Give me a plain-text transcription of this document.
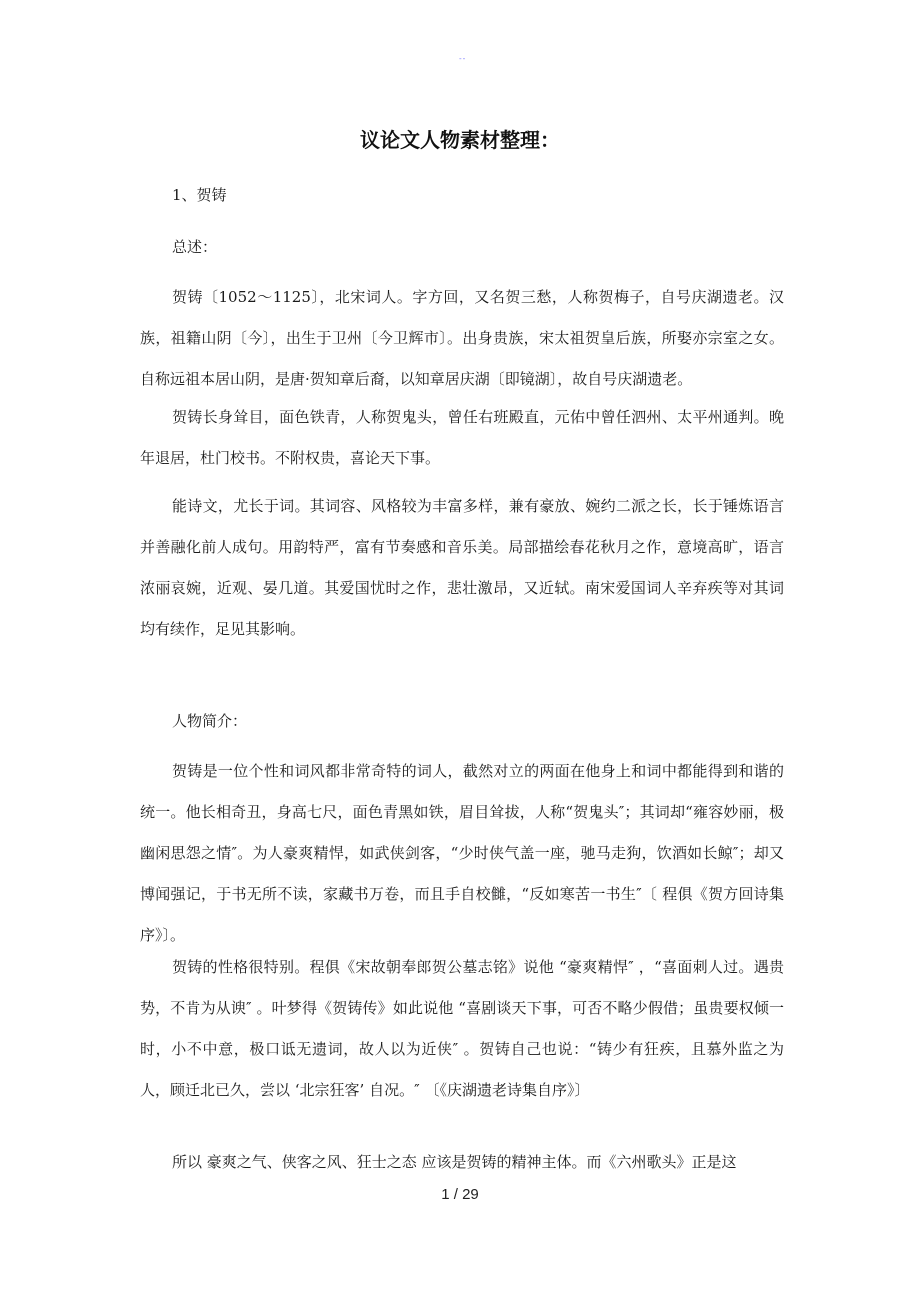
--
议论文人物素材整理：
1、贺铸
总述：

贺铸〔1052～1125〕，北宋词人。字方回，又名贺三愁，人称贺梅子，自号庆湖遗老。汉族，祖籍山阴〔今〕，出生于卫州〔今卫辉市〕。出身贵族，宋太祖贺皇后族，所娶亦宗室之女。自称远祖本居山阴，是唐·贺知章后裔，以知章居庆湖〔即镜湖〕，故自号庆湖遗老。

贺铸长身耸目，面色铁青，人称贺鬼头，曾任右班殿直，元佑中曾任泗州、太平州通判。晚年退居，杜门校书。不附权贵，喜论天下事。

能诗文，尤长于词。其词容、风格较为丰富多样，兼有豪放、婉约二派之长，长于锤炼语言并善融化前人成句。用韵特严，富有节奏感和音乐美。局部描绘春花秋月之作，意境高旷，语言浓丽哀婉，近观、晏几道。其爱国忧时之作，悲壮激昂，又近轼。南宋爱国词人辛弃疾等对其词均有续作，足见其影响。

人物简介：

贺铸是一位个性和词风都非常奇特的词人，截然对立的两面在他身上和词中都能得到和谐的统一。他长相奇丑，身高七尺，面色青黑如铁，眉目耸拔，人称“贺鬼头″；其词却“雍容妙丽，极幽闲思怨之情″。为人豪爽精悍，如武侠剑客，“少时侠气盖一座，驰马走狗，饮酒如长鲸″；却又博闻强记，于书无所不读，家藏书万卷，而且手自校雠，“反如寒苦一书生″〔 程俱《贺方回诗集序》〕。

贺铸的性格很特别。程俱《宋故朝奉郎贺公墓志铭》说他 “豪爽精悍″ ，“喜面刺人过。遇贵势，不肯为从谀″ 。叶梦得《贺铸传》如此说他 “喜剧谈天下事，可否不略少假借；虽贵要权倾一时，小不中意，极口诋无遗词，故人以为近侠″ 。贺铸自己也说：“铸少有狂疾，且慕外监之为人，顾迁北已久，尝以 ‘北宗狂客’ 自况。″ 〔《庆湖遗老诗集自序》〕

所以 豪爽之气、侠客之风、狂士之态 应该是贺铸的精神主体。而《六州歌头》正是这

1 / 29
